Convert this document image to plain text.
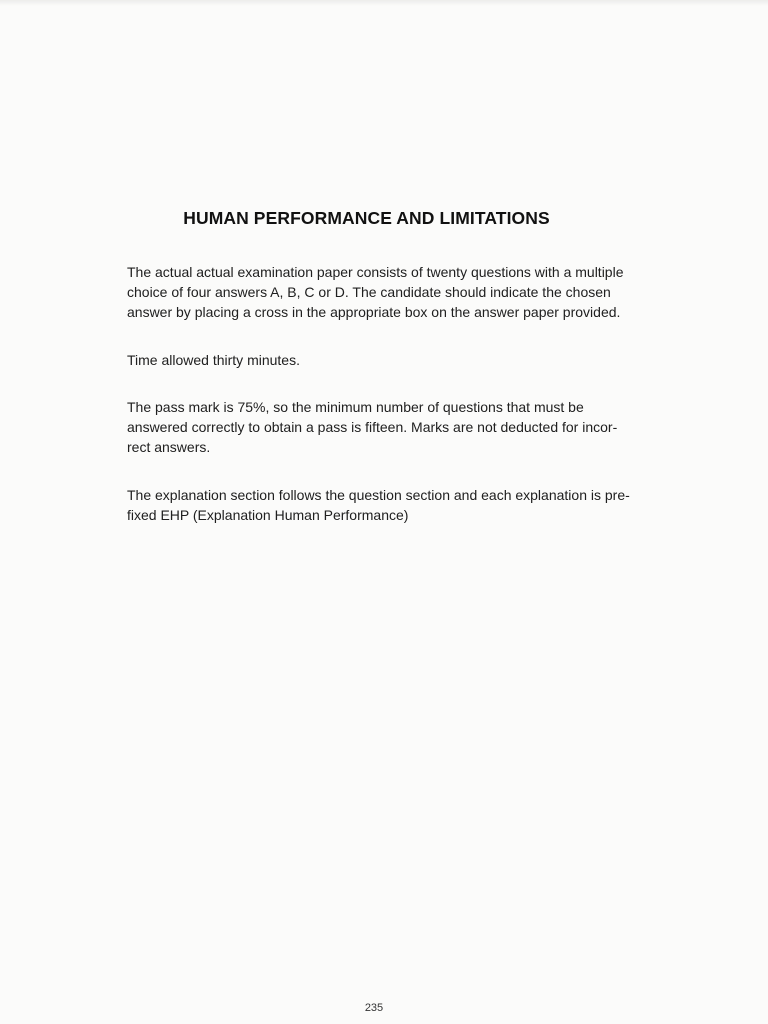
HUMAN PERFORMANCE AND LIMITATIONS
The actual actual examination paper consists of twenty questions with a multiple
choice of four answers A, B, C or D. The candidate should indicate the chosen
answer by placing a cross in the appropriate box on the answer paper provided.
Time allowed thirty minutes.
The pass mark is 75%, so the minimum number of questions that must be
answered correctly to obtain a pass is fifteen. Marks are not deducted for incor-
rect answers.
The explanation section follows the question section and each explanation is pre-
fixed EHP (Explanation Human Performance)
235
